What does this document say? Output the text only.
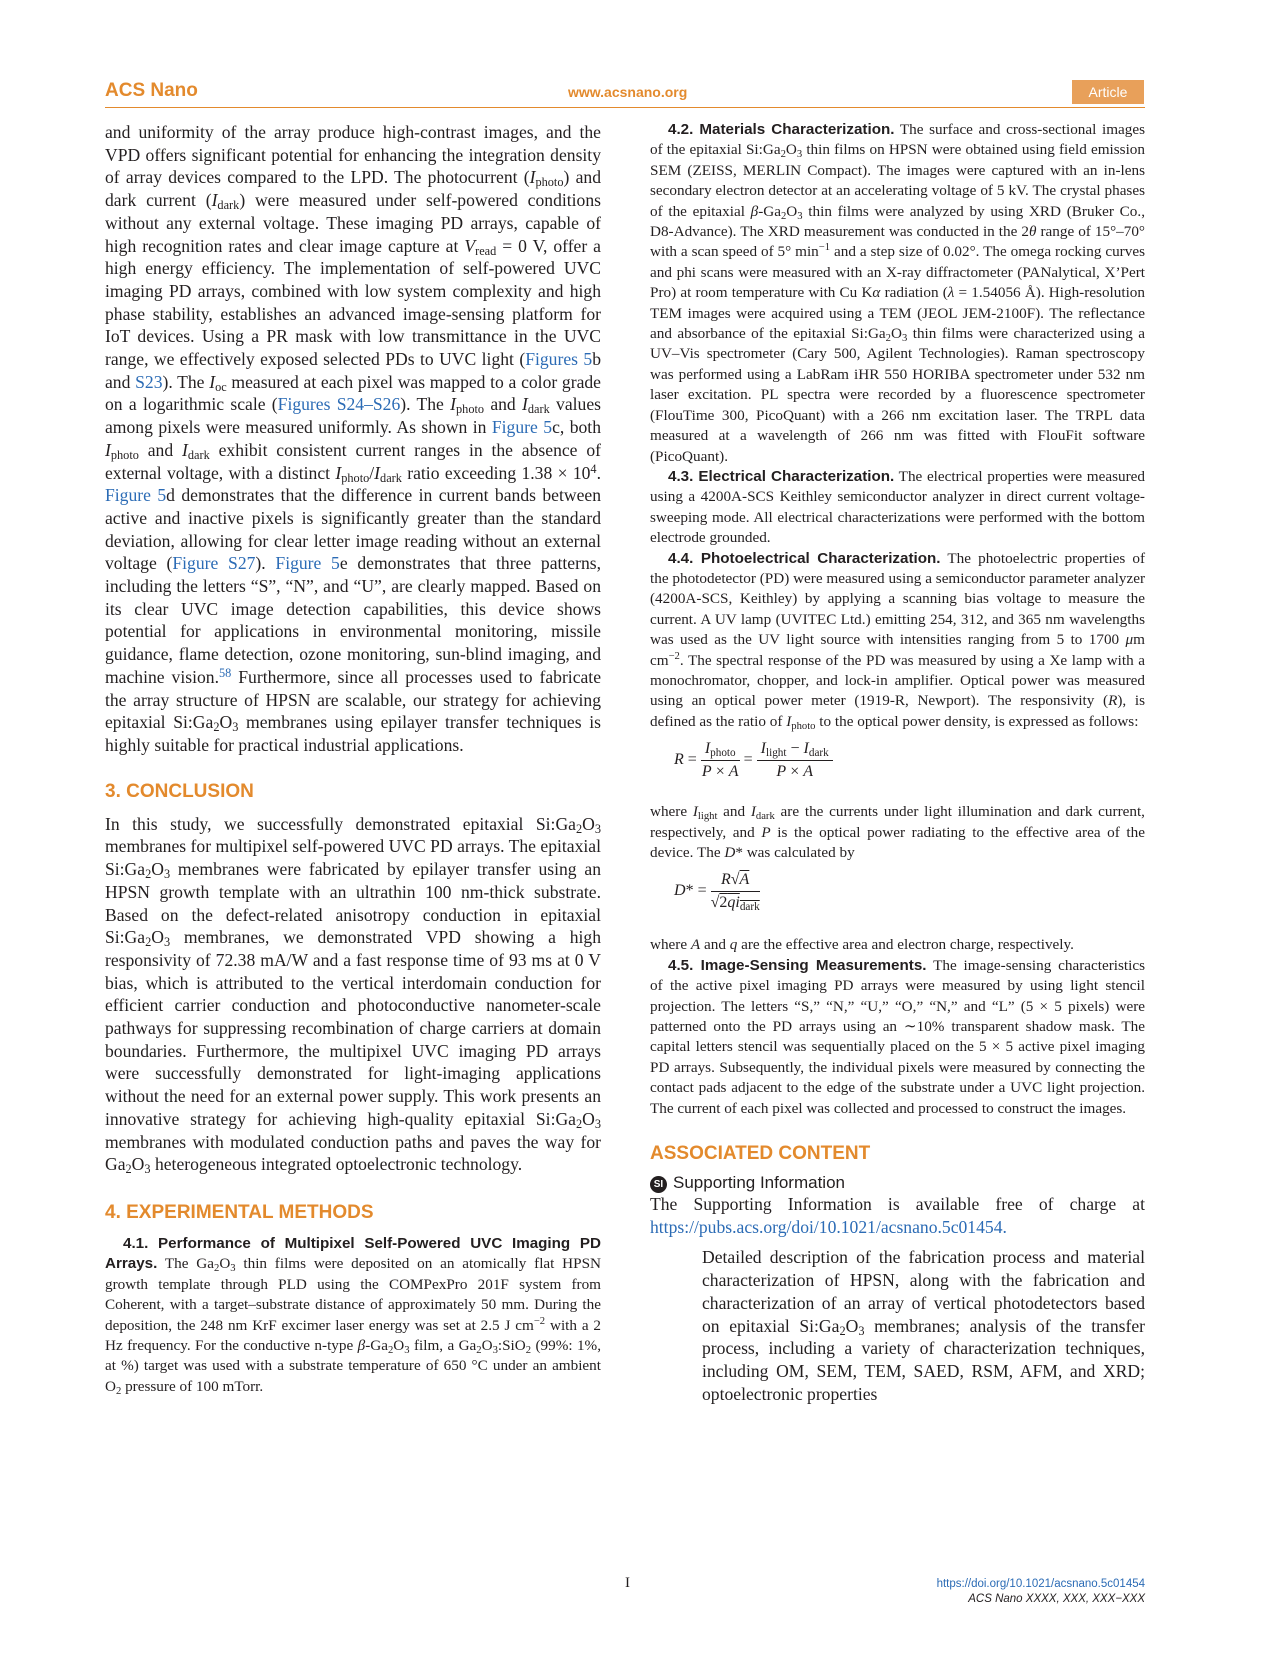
ACS Nano	www.acsnano.org	Article

and uniformity of the array produce high-contrast images, and the VPD offers significant potential for enhancing the integration density of array devices compared to the LPD. The photocurrent $(I_{photo})$ and dark current $(I_{dark})$ were measured under self-powered conditions without any external voltage. These imaging PD arrays, capable of high recognition rates and clear image capture at $V_{read} = 0$ V, offer a high energy efficiency. The implementation of self-powered UVC imaging PD arrays, combined with low system complexity and high phase stability, establishes an advanced image-sensing platform for IoT devices. Using a PR mask with low transmittance in the UVC range, we effectively exposed selected PDs to UVC light (Figures 5b and S23). The $I_{oc}$ measured at each pixel was mapped to a color grade on a logarithmic scale (Figures S24–S26). The $I_{photo}$ and $I_{dark}$ values among pixels were measured uniformly. As shown in Figure 5c, both $I_{photo}$ and $I_{dark}$ exhibit consistent current ranges in the absence of external voltage, with a distinct $I_{photo}/I_{dark}$ ratio exceeding $1.38 \times 10^4$. Figure 5d demonstrates that the difference in current bands between active and inactive pixels is significantly greater than the standard deviation, allowing for clear letter image reading without an external voltage (Figure S27). Figure 5e demonstrates that three patterns, including the letters “S”, “N”, and “U”, are clearly mapped. Based on its clear UVC image detection capabilities, this device shows potential for applications in environmental monitoring, missile guidance, flame detection, ozone monitoring, sun-blind imaging, and machine vision.$^{58}$ Furthermore, since all processes used to fabricate the array structure of HPSN are scalable, our strategy for achieving epitaxial $Si:Ga_2O_3$ membranes using epilayer transfer techniques is highly suitable for practical industrial applications.

3. CONCLUSION

In this study, we successfully demonstrated epitaxial $Si:Ga_2O_3$ membranes for multipixel self-powered UVC PD arrays. The epitaxial $Si:Ga_2O_3$ membranes were fabricated by epilayer transfer using an HPSN growth template with an ultrathin 100 nm-thick substrate. Based on the defect-related anisotropy conduction in epitaxial $Si:Ga_2O_3$ membranes, we demonstrated VPD showing a high responsivity of 72.38 mA/W and a fast response time of 93 ms at 0 V bias, which is attributed to the vertical interdomain conduction for efficient carrier conduction and photoconductive nanometer-scale pathways for suppressing recombination of charge carriers at domain boundaries. Furthermore, the multipixel UVC imaging PD arrays were successfully demonstrated for light-imaging applications without the need for an external power supply. This work presents an innovative strategy for achieving high-quality epitaxial $Si:Ga_2O_3$ membranes with modulated conduction paths and paves the way for $Ga_2O_3$ heterogeneous integrated optoelectronic technology.

4. EXPERIMENTAL METHODS

4.1. Performance of Multipixel Self-Powered UVC Imaging PD Arrays. The $Ga_2O_3$ thin films were deposited on an atomically flat HPSN growth template through PLD using the COMPexPro 201F system from Coherent, with a target–substrate distance of approximately 50 mm. During the deposition, the 248 nm KrF excimer laser energy was set at 2.5 J $cm^{-2}$ with a 2 Hz frequency. For the conductive n-type $\beta-Ga_2O_3$ film, a $Ga_2O_3:SiO_2$ (99%: 1%, at %) target was used with a substrate temperature of 650 °C under an ambient $O_2$ pressure of 100 mTorr.

4.2. Materials Characterization. The surface and cross-sectional images of the epitaxial $Si:Ga_2O_3$ thin films on HPSN were obtained using field emission SEM (ZEISS, MERLIN Compact). The images were captured with an in-lens secondary electron detector at an accelerating voltage of 5 kV. The crystal phases of the epitaxial $\beta-Ga_2O_3$ thin films were analyzed by using XRD (Bruker Co., D8-Advance). The XRD measurement was conducted in the 2θ range of 15°–70° with a scan speed of 5° $\min^{-1}$ and a step size of 0.02°. The omega rocking curves and phi scans were measured with an X-ray diffractometer (PANalytical, X’Pert Pro) at room temperature with Cu Kα radiation (λ = 1.54056 Å). High-resolution TEM images were acquired using a TEM (JEOL JEM-2100F). The reflectance and absorbance of the epitaxial $Si:Ga_2O_3$ thin films were characterized using a UV–Vis spectrometer (Cary 500, Agilent Technologies). Raman spectroscopy was performed using a LabRam iHR 550 HORIBA spectrometer under 532 nm laser excitation. PL spectra were recorded by a fluorescence spectrometer (FlouTime 300, PicoQuant) with a 266 nm excitation laser. The TRPL data measured at a wavelength of 266 nm was fitted with FlouFit software (PicoQuant).

4.3. Electrical Characterization. The electrical properties were measured using a 4200A-SCS Keithley semiconductor analyzer in direct current voltage-sweeping mode. All electrical characterizations were performed with the bottom electrode grounded.

4.4. Photoelectrical Characterization. The photoelectric properties of the photodetector (PD) were measured using a semiconductor parameter analyzer (4200A-SCS, Keithley) by applying a scanning bias voltage to measure the current. A UV lamp (UVITEC Ltd.) emitting 254, 312, and 365 nm wavelengths was used as the UV light source with intensities ranging from 5 to 1700 μm $cm^{-2}$. The spectral response of the PD was measured by using a Xe lamp with a monochromator, chopper, and lock-in amplifier. Optical power was measured using an optical power meter (1919-R, Newport). The responsivity (R), is defined as the ratio of $I_{photo}$ to the optical power density, is expressed as follows:

$R = \frac{I_{photo}}{P \times A} = \frac{I_{light} - I_{dark}}{P \times A}$

where $I_{light}$ and $I_{dark}$ are the currents under light illumination and dark current, respectively, and P is the optical power radiating to the effective area of the device. The D* was calculated by

$D* = \frac{R√A}{√2qi_{dark}}$

where A and q are the effective area and electron charge, respectively.

4.5. Image-Sensing Measurements. The image-sensing characteristics of the active pixel imaging PD arrays were measured by using light stencil projection. The letters “S,” “N,” “U,” “O,” “N,” and “L” (5 × 5 pixels) were patterned onto the PD arrays using an ∼10% transparent shadow mask. The capital letters stencil was sequentially placed on the 5 × 5 active pixel imaging PD arrays. Subsequently, the individual pixels were measured by connecting the contact pads adjacent to the edge of the substrate under a UVC light projection. The current of each pixel was collected and processed to construct the images.

ASSOCIATED CONTENT
SI Supporting Information

The Supporting Information is available free of charge at https://pubs.acs.org/doi/10.1021/acsnano.5c01454.

Detailed description of the fabrication process and material characterization of HPSN, along with the fabrication and characterization of an array of vertical photodetectors based on epitaxial $Si:Ga_2O_3$ membranes; analysis of the transfer process, including a variety of characterization techniques, including OM, SEM, TEM, SAED, RSM, AFM, and XRD; optoelectronic properties

I	https://doi.org/10.1021/acsnano.5c01454
ACS Nano XXXX, XXX, XXX−XXX
